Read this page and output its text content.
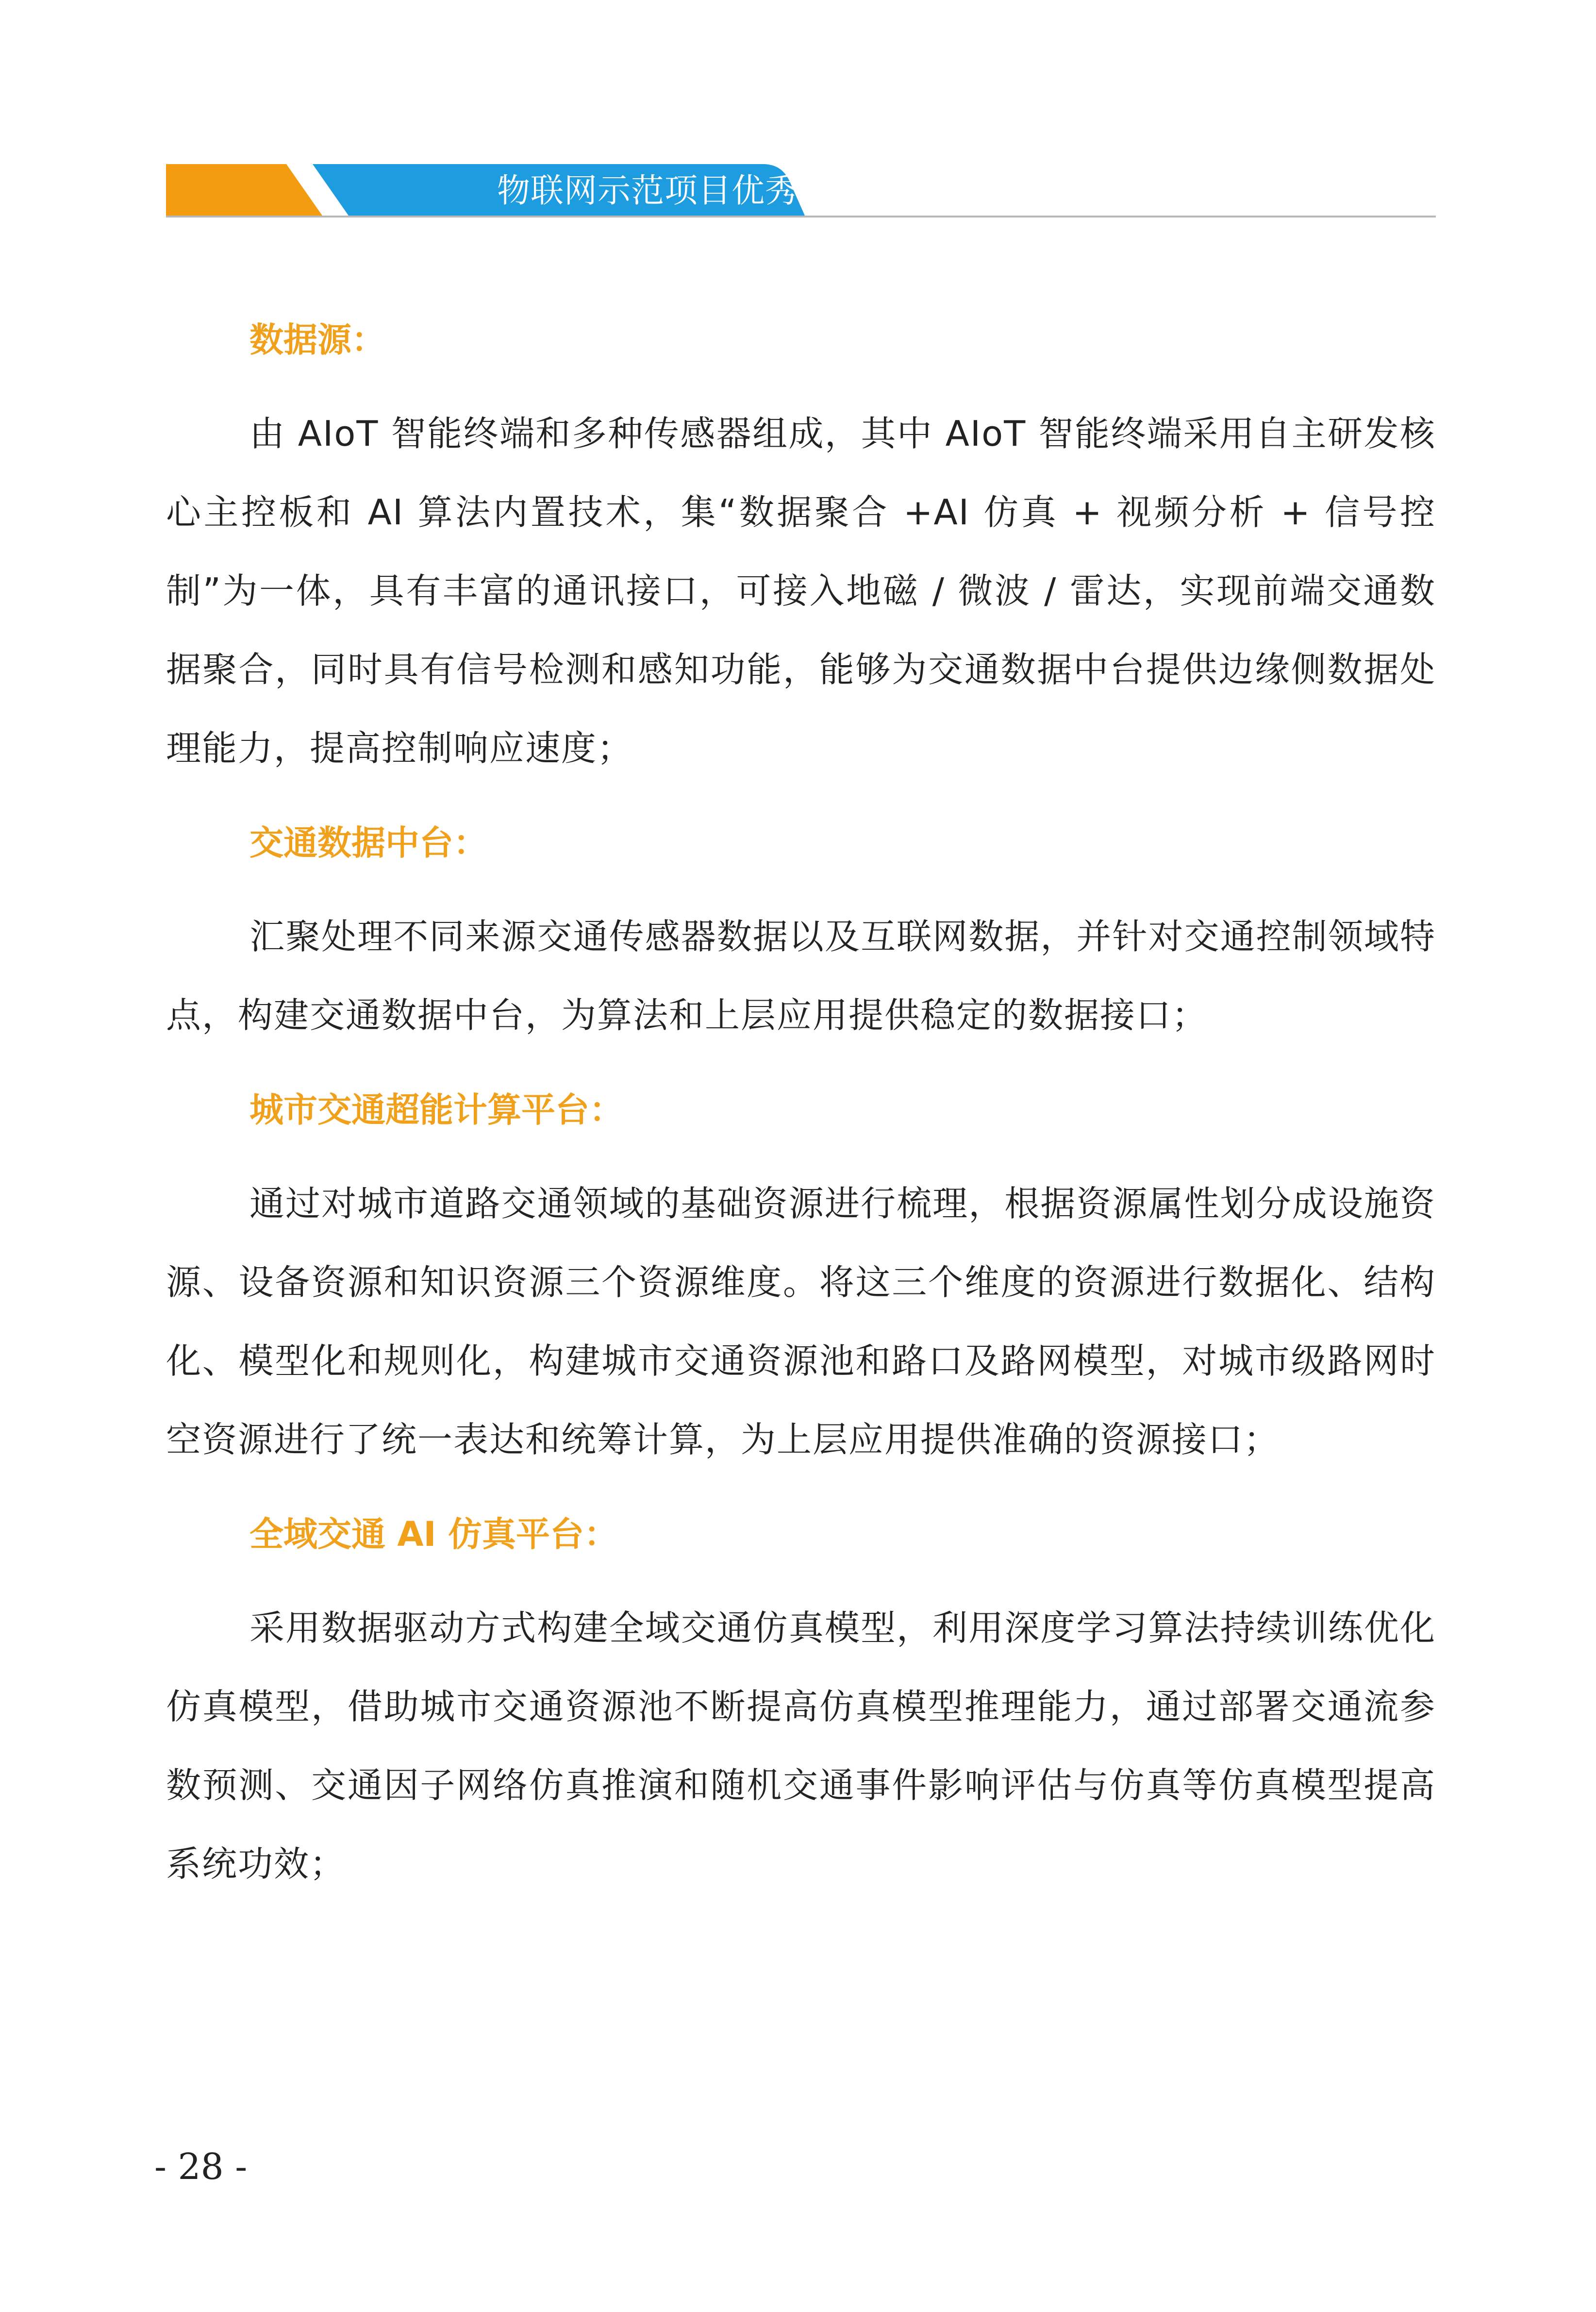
物联网示范项目优秀案例集
数据源：

由 AIoT 智能终端和多种传感器组成，其中 AIoT 智能终端采用自主研发核心主控板和 AI 算法内置技术，集“数据聚合 +AI 仿真 + 视频分析 + 信号控制”为一体，具有丰富的通讯接口，可接入地磁 / 微波 / 雷达，实现前端交通数据聚合，同时具有信号检测和感知功能，能够为交通数据中台提供边缘侧数据处理能力，提高控制响应速度；

交通数据中台：

汇聚处理不同来源交通传感器数据以及互联网数据，并针对交通控制领域特点，构建交通数据中台，为算法和上层应用提供稳定的数据接口；

城市交通超能计算平台：

通过对城市道路交通领域的基础资源进行梳理，根据资源属性划分成设施资源、设备资源和知识资源三个资源维度。将这三个维度的资源进行数据化、结构化、模型化和规则化，构建城市交通资源池和路口及路网模型，对城市级路网时空资源进行了统一表达和统筹计算，为上层应用提供准确的资源接口；

全域交通 AI 仿真平台：

采用数据驱动方式构建全域交通仿真模型，利用深度学习算法持续训练优化仿真模型，借助城市交通资源池不断提高仿真模型推理能力，通过部署交通流参数预测、交通因子网络仿真推演和随机交通事件影响评估与仿真等仿真模型提高系统功效；

- 28 -
